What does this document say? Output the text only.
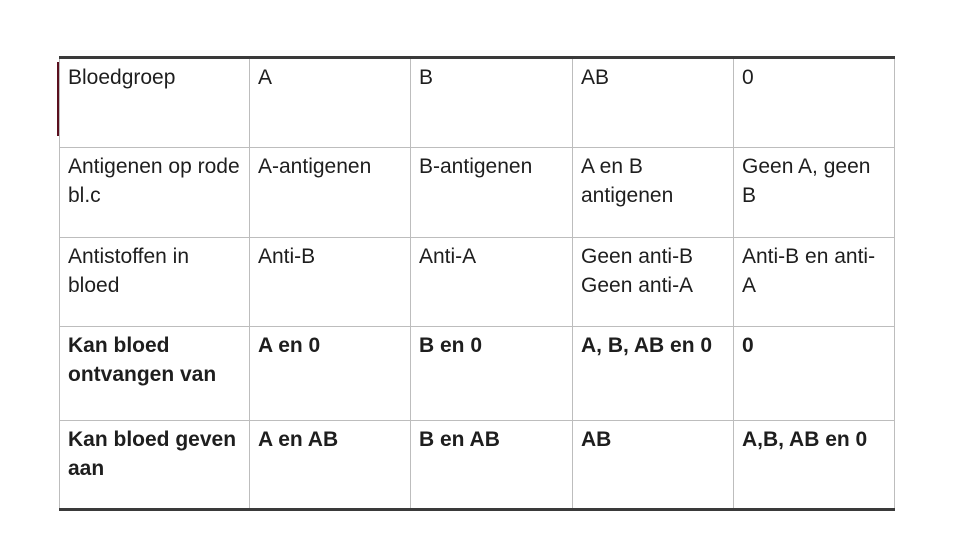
Bloedgroep	A	B	AB	0
Antigenen op rode bl.c	A-antigenen	B-antigenen	A en B antigenen	Geen A, geen B
Antistoffen in bloed	Anti-B	Anti-A	Geen anti-B Geen anti-A	Anti-B en anti-A
Kan bloed ontvangen van	A en 0	B en 0	A, B, AB en 0	0
Kan bloed geven aan	A en AB	B en AB	AB	A,B, AB en 0
